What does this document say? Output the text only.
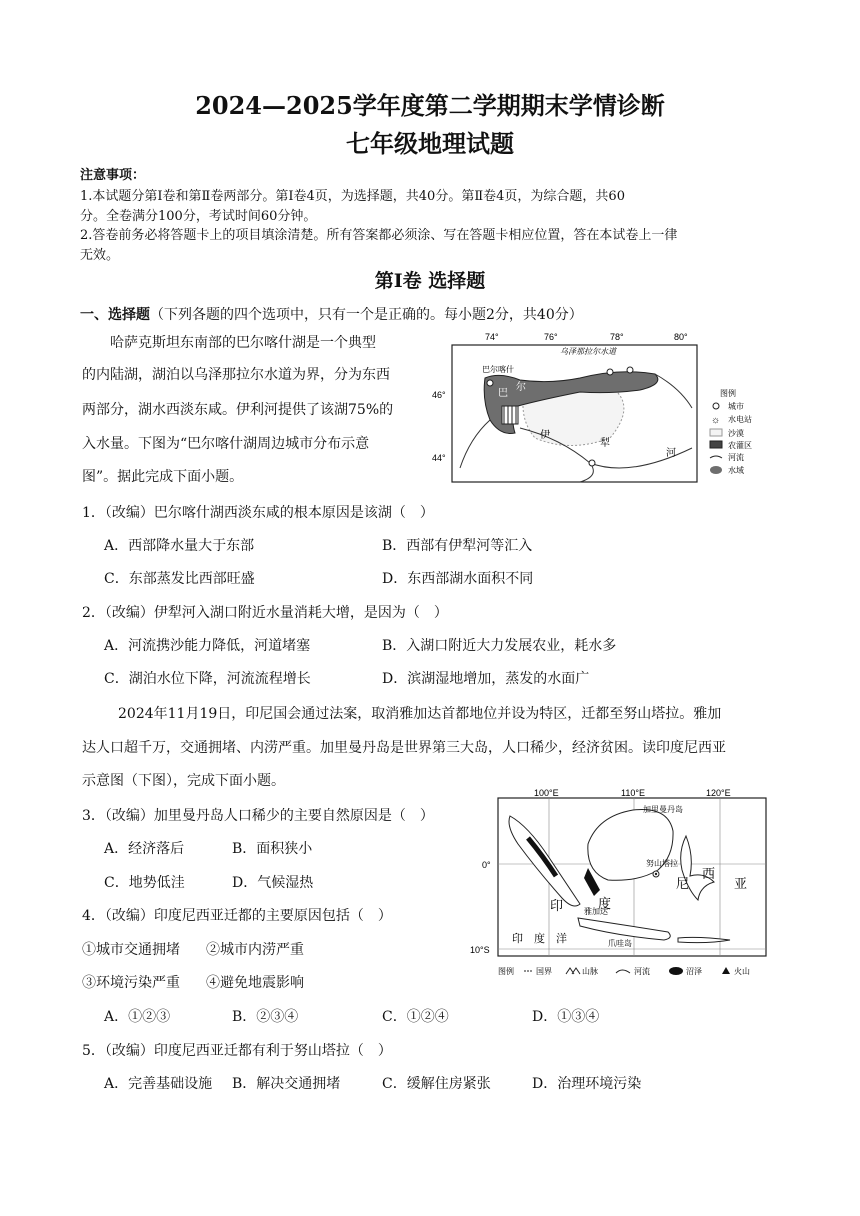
2024—2025学年度第二学期期末学情诊断
七年级地理试题
注意事项：
1.本试题分第Ⅰ卷和第Ⅱ卷两部分。第Ⅰ卷4页，为选择题，共40分。第Ⅱ卷4页，为综合题，共60
分。全卷满分100分，考试时间60分钟。
2.答卷前务必将答题卡上的项目填涂清楚。所有答案都必须涂、写在答题卡相应位置，答在本试卷上一律
无效。
第Ⅰ卷 选择题
一、选择题（下列各题的四个选项中，只有一个是正确的。每小题2分，共40分）
哈萨克斯坦东南部的巴尔喀什湖是一个典型
的内陆湖，湖泊以乌泽那拉尔水道为界，分为东西
两部分，湖水西淡东咸。伊利河提供了该湖75%的
入水量。下图为“巴尔喀什湖周边城市分布示意
图”。据此完成下面小题。
74°	76°	78°	80°
46°
44°
乌泽那拉尔水道
巴尔喀什
巴
尔
伊
犁
河
图例
城市
☼ 水电站
沙漠
农灌区
河流
水域
1．（改编）巴尔喀什湖西淡东咸的根本原因是该湖（　）
A．西部降水量大于东部	B．西部有伊犁河等汇入
C．东部蒸发比西部旺盛	D．东西部湖水面积不同
2．（改编）伊犁河入湖口附近水量消耗大增，是因为（　）
A．河流携沙能力降低，河道堵塞	B．入湖口附近大力发展农业，耗水多
C．湖泊水位下降，河流流程增长	D．滨湖湿地增加，蒸发的水面广
2024年11月19日，印尼国会通过法案，取消雅加达首都地位并设为特区，迁都至努山塔拉。雅加
达人口超千万，交通拥堵、内涝严重。加里曼丹岛是世界第三大岛，人口稀少，经济贫困。读印度尼西亚
示意图（下图），完成下面小题。
3．（改编）加里曼丹岛人口稀少的主要自然原因是（　）
A．经济落后	B．面积狭小
C．地势低洼	D．气候湿热
4．（改编）印度尼西亚迁都的主要原因包括（　）
①城市交通拥堵 ②城市内涝严重
③环境污染严重 ④避免地震影响
A．①②③	B．②③④	C．①②④	D．①③④
5．（改编）印度尼西亚迁都有利于努山塔拉（　）
A．完善基础设施 B．解决交通拥堵	C．缓解住房紧张	D．治理环境污染
100°E	110°E	120°E
0°
10°S
加里曼丹岛
努山塔拉
雅加达
爪哇岛
印	度
尼
西
亚
印　度　洋
图例	国界	山脉	河流	沼泽	火山
